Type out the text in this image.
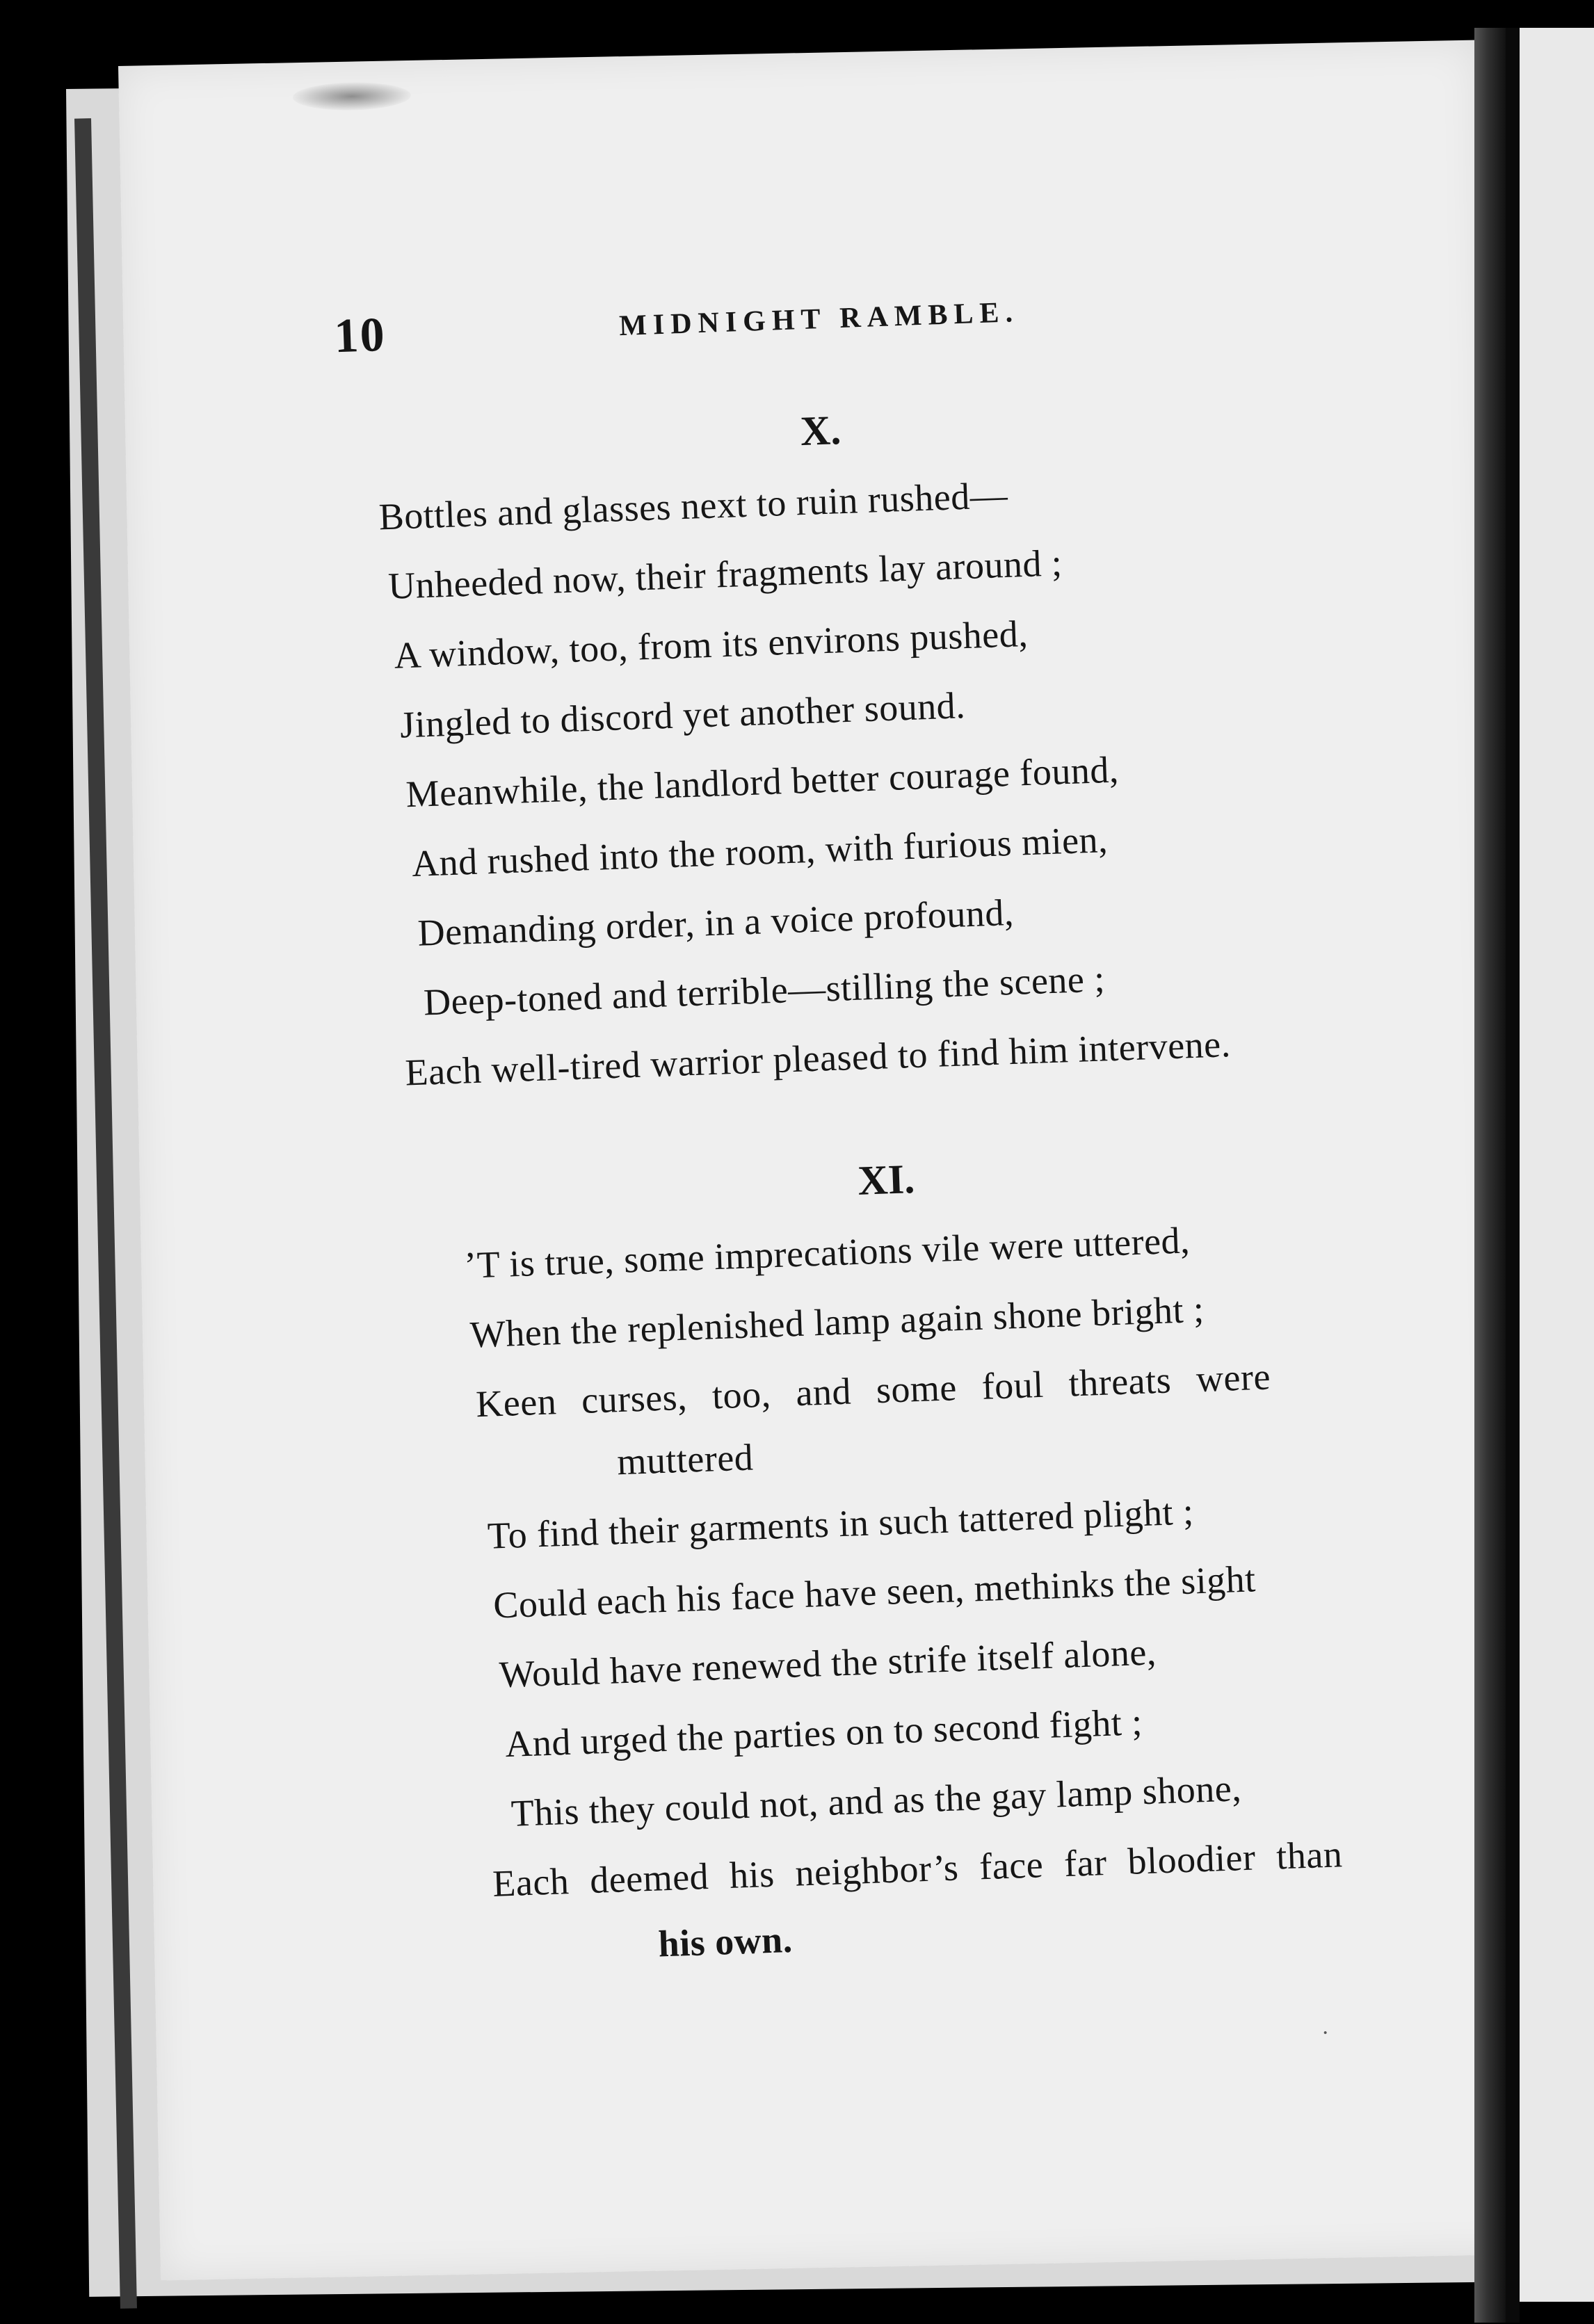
10	MIDNIGHT RAMBLE.
X.
Bottles and glasses next to ruin rushed—
Unheeded now, their fragments lay around ;
A window, too, from its environs pushed,
Jingled to discord yet another sound.
Meanwhile, the landlord better courage found,
And rushed into the room, with furious mien,
Demanding order, in a voice profound,
Deep-toned and terrible—stilling the scene ;
Each well-tired warrior pleased to find him intervene.
XI.
’T is true, some imprecations vile were uttered,
When the replenished lamp again shone bright ;
Keen curses, too, and some foul threats were
muttered
To find their garments in such tattered plight ;
Could each his face have seen, methinks the sight
Would have renewed the strife itself alone,
And urged the parties on to second fight ;
This they could not, and as the gay lamp shone,
Each deemed his neighbor’s face far bloodier than
his own.
·
